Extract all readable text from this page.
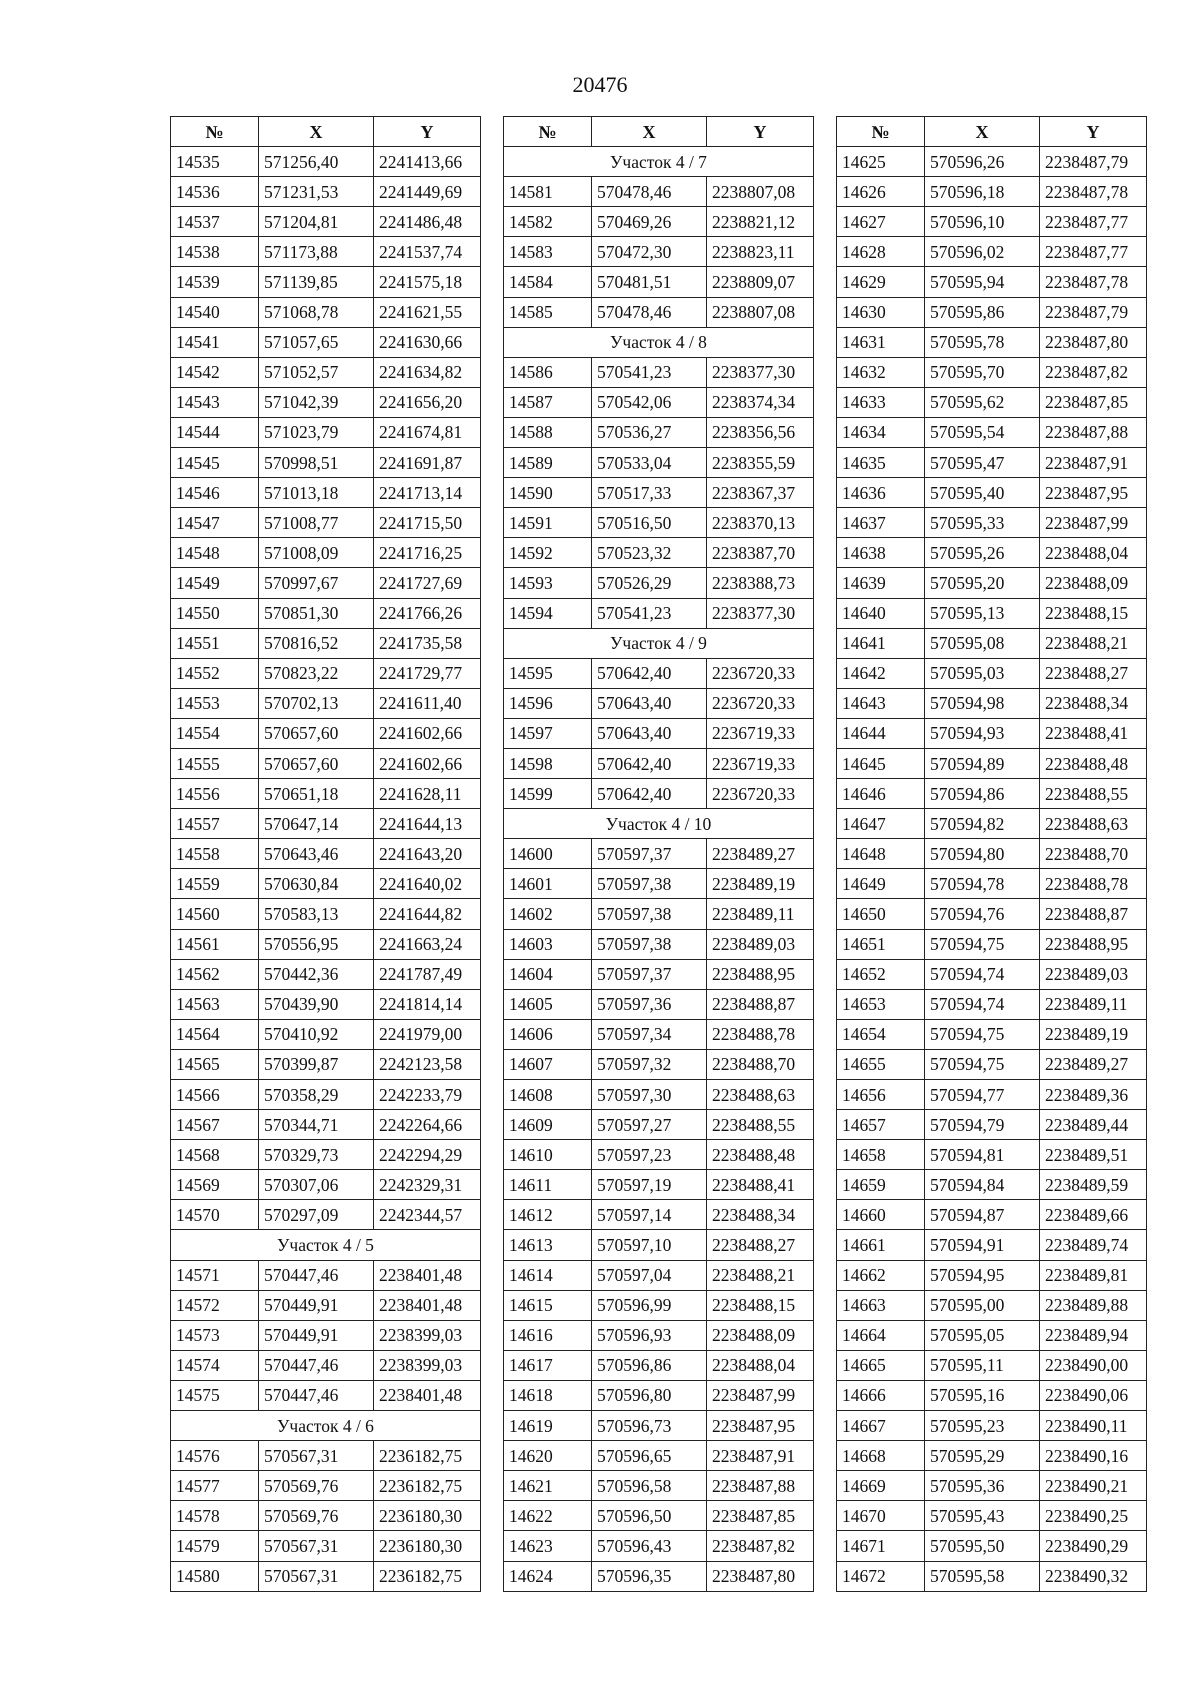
20476
№	X	Y
14535	571256,40	2241413,66
14536	571231,53	2241449,69
14537	571204,81	2241486,48
14538	571173,88	2241537,74
14539	571139,85	2241575,18
14540	571068,78	2241621,55
14541	571057,65	2241630,66
14542	571052,57	2241634,82
14543	571042,39	2241656,20
14544	571023,79	2241674,81
14545	570998,51	2241691,87
14546	571013,18	2241713,14
14547	571008,77	2241715,50
14548	571008,09	2241716,25
14549	570997,67	2241727,69
14550	570851,30	2241766,26
14551	570816,52	2241735,58
14552	570823,22	2241729,77
14553	570702,13	2241611,40
14554	570657,60	2241602,66
14555	570657,60	2241602,66
14556	570651,18	2241628,11
14557	570647,14	2241644,13
14558	570643,46	2241643,20
14559	570630,84	2241640,02
14560	570583,13	2241644,82
14561	570556,95	2241663,24
14562	570442,36	2241787,49
14563	570439,90	2241814,14
14564	570410,92	2241979,00
14565	570399,87	2242123,58
14566	570358,29	2242233,79
14567	570344,71	2242264,66
14568	570329,73	2242294,29
14569	570307,06	2242329,31
14570	570297,09	2242344,57
Участок 4 / 5		
14571	570447,46	2238401,48
14572	570449,91	2238401,48
14573	570449,91	2238399,03
14574	570447,46	2238399,03
14575	570447,46	2238401,48
Участок 4 / 6		
14576	570567,31	2236182,75
14577	570569,76	2236182,75
14578	570569,76	2236180,30
14579	570567,31	2236180,30
14580	570567,31	2236182,75
№	X	Y
Участок 4 / 7		
14581	570478,46	2238807,08
14582	570469,26	2238821,12
14583	570472,30	2238823,11
14584	570481,51	2238809,07
14585	570478,46	2238807,08
Участок 4 / 8		
14586	570541,23	2238377,30
14587	570542,06	2238374,34
14588	570536,27	2238356,56
14589	570533,04	2238355,59
14590	570517,33	2238367,37
14591	570516,50	2238370,13
14592	570523,32	2238387,70
14593	570526,29	2238388,73
14594	570541,23	2238377,30
Участок 4 / 9		
14595	570642,40	2236720,33
14596	570643,40	2236720,33
14597	570643,40	2236719,33
14598	570642,40	2236719,33
14599	570642,40	2236720,33
Участок 4 / 10		
14600	570597,37	2238489,27
14601	570597,38	2238489,19
14602	570597,38	2238489,11
14603	570597,38	2238489,03
14604	570597,37	2238488,95
14605	570597,36	2238488,87
14606	570597,34	2238488,78
14607	570597,32	2238488,70
14608	570597,30	2238488,63
14609	570597,27	2238488,55
14610	570597,23	2238488,48
14611	570597,19	2238488,41
14612	570597,14	2238488,34
14613	570597,10	2238488,27
14614	570597,04	2238488,21
14615	570596,99	2238488,15
14616	570596,93	2238488,09
14617	570596,86	2238488,04
14618	570596,80	2238487,99
14619	570596,73	2238487,95
14620	570596,65	2238487,91
14621	570596,58	2238487,88
14622	570596,50	2238487,85
14623	570596,43	2238487,82
14624	570596,35	2238487,80
№	X	Y
14625	570596,26	2238487,79
14626	570596,18	2238487,78
14627	570596,10	2238487,77
14628	570596,02	2238487,77
14629	570595,94	2238487,78
14630	570595,86	2238487,79
14631	570595,78	2238487,80
14632	570595,70	2238487,82
14633	570595,62	2238487,85
14634	570595,54	2238487,88
14635	570595,47	2238487,91
14636	570595,40	2238487,95
14637	570595,33	2238487,99
14638	570595,26	2238488,04
14639	570595,20	2238488,09
14640	570595,13	2238488,15
14641	570595,08	2238488,21
14642	570595,03	2238488,27
14643	570594,98	2238488,34
14644	570594,93	2238488,41
14645	570594,89	2238488,48
14646	570594,86	2238488,55
14647	570594,82	2238488,63
14648	570594,80	2238488,70
14649	570594,78	2238488,78
14650	570594,76	2238488,87
14651	570594,75	2238488,95
14652	570594,74	2238489,03
14653	570594,74	2238489,11
14654	570594,75	2238489,19
14655	570594,75	2238489,27
14656	570594,77	2238489,36
14657	570594,79	2238489,44
14658	570594,81	2238489,51
14659	570594,84	2238489,59
14660	570594,87	2238489,66
14661	570594,91	2238489,74
14662	570594,95	2238489,81
14663	570595,00	2238489,88
14664	570595,05	2238489,94
14665	570595,11	2238490,00
14666	570595,16	2238490,06
14667	570595,23	2238490,11
14668	570595,29	2238490,16
14669	570595,36	2238490,21
14670	570595,43	2238490,25
14671	570595,50	2238490,29
14672	570595,58	2238490,32
